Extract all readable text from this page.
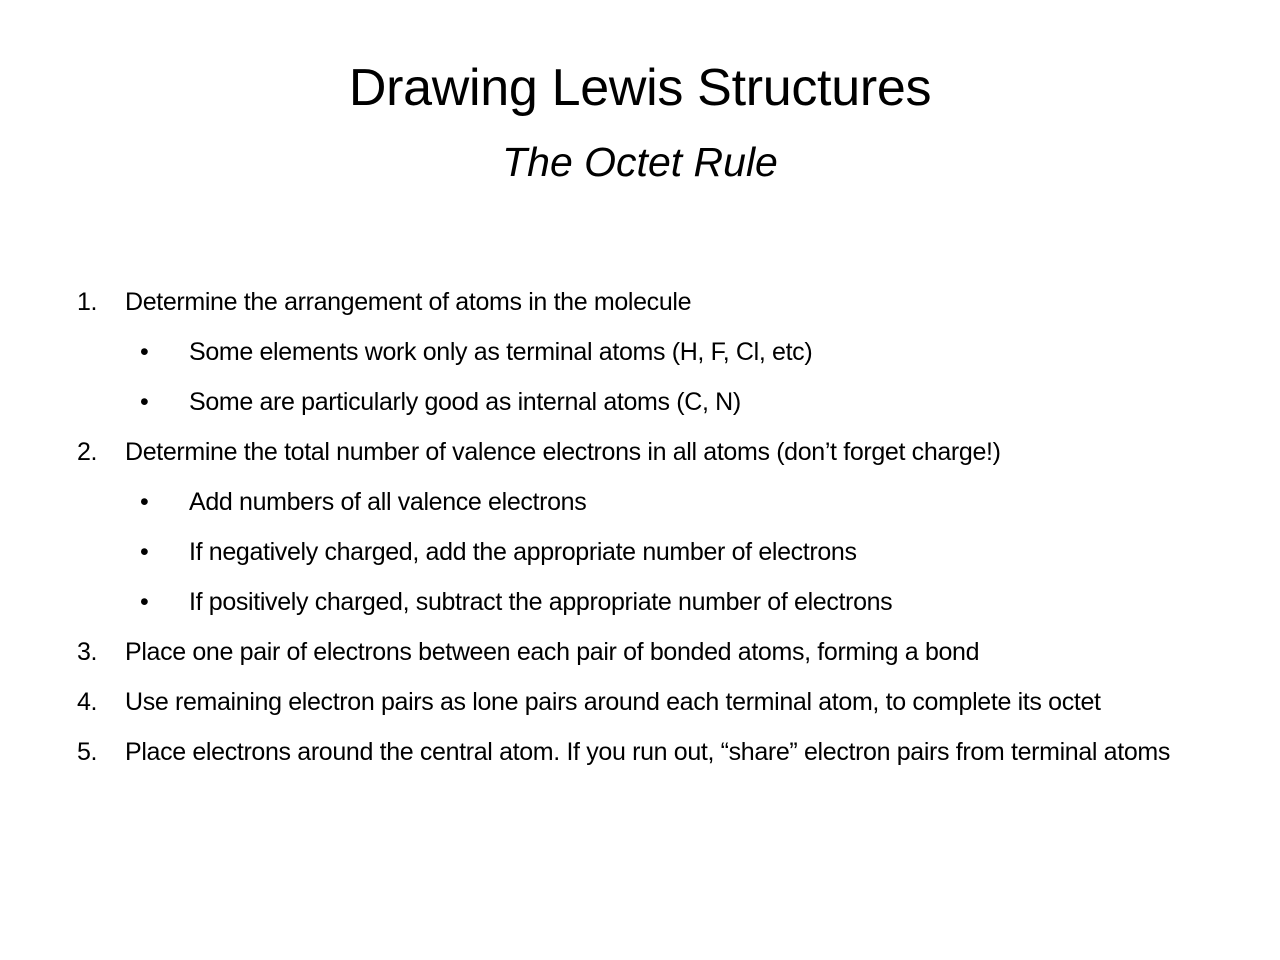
Drawing Lewis Structures
The Octet Rule
1. Determine the arrangement of atoms in the molecule
• Some elements work only as terminal atoms (H, F, Cl, etc)
• Some are particularly good as internal atoms (C, N)
2. Determine the total number of valence electrons in all atoms (don’t forget charge!)
• Add numbers of all valence electrons
• If negatively charged, add the appropriate number of electrons
• If positively charged, subtract the appropriate number of electrons
3. Place one pair of electrons between each pair of bonded atoms, forming a bond
4. Use remaining electron pairs as lone pairs around each terminal atom, to complete its octet
5. Place electrons around the central atom. If you run out, “share” electron pairs from terminal atoms
